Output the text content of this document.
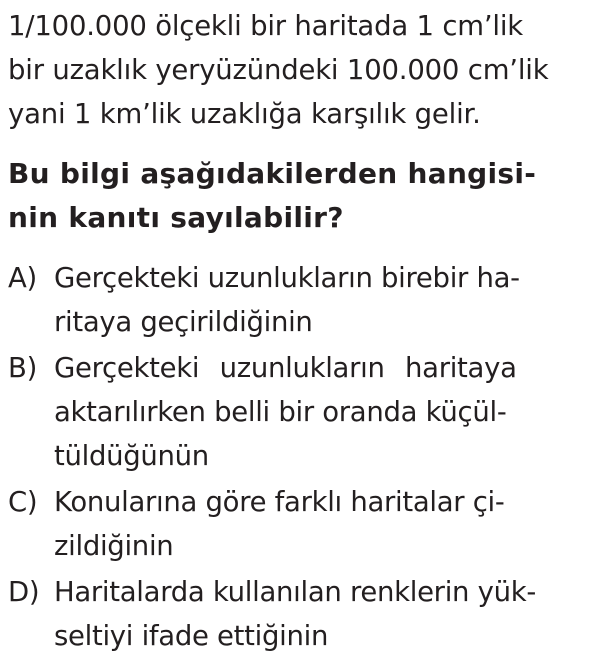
1/100.000 ölçekli bir haritada 1 cm’lik
bir uzaklık yeryüzündeki 100.000 cm’lik
yani 1 km’lik uzaklığa karşılık gelir.

Bu bilgi aşağıdakilerden hangisi-
nin kanıtı sayılabilir?

A) Gerçekteki uzunlukların birebir ha-
ritaya geçirildiğinin
B) Gerçekteki uzunlukların haritaya
aktarılırken belli bir oranda küçül-
tüldüğünün
C) Konularına göre farklı haritalar çi-
zildiğinin
D) Haritalarda kullanılan renklerin yük-
seltiyi ifade ettiğinin
